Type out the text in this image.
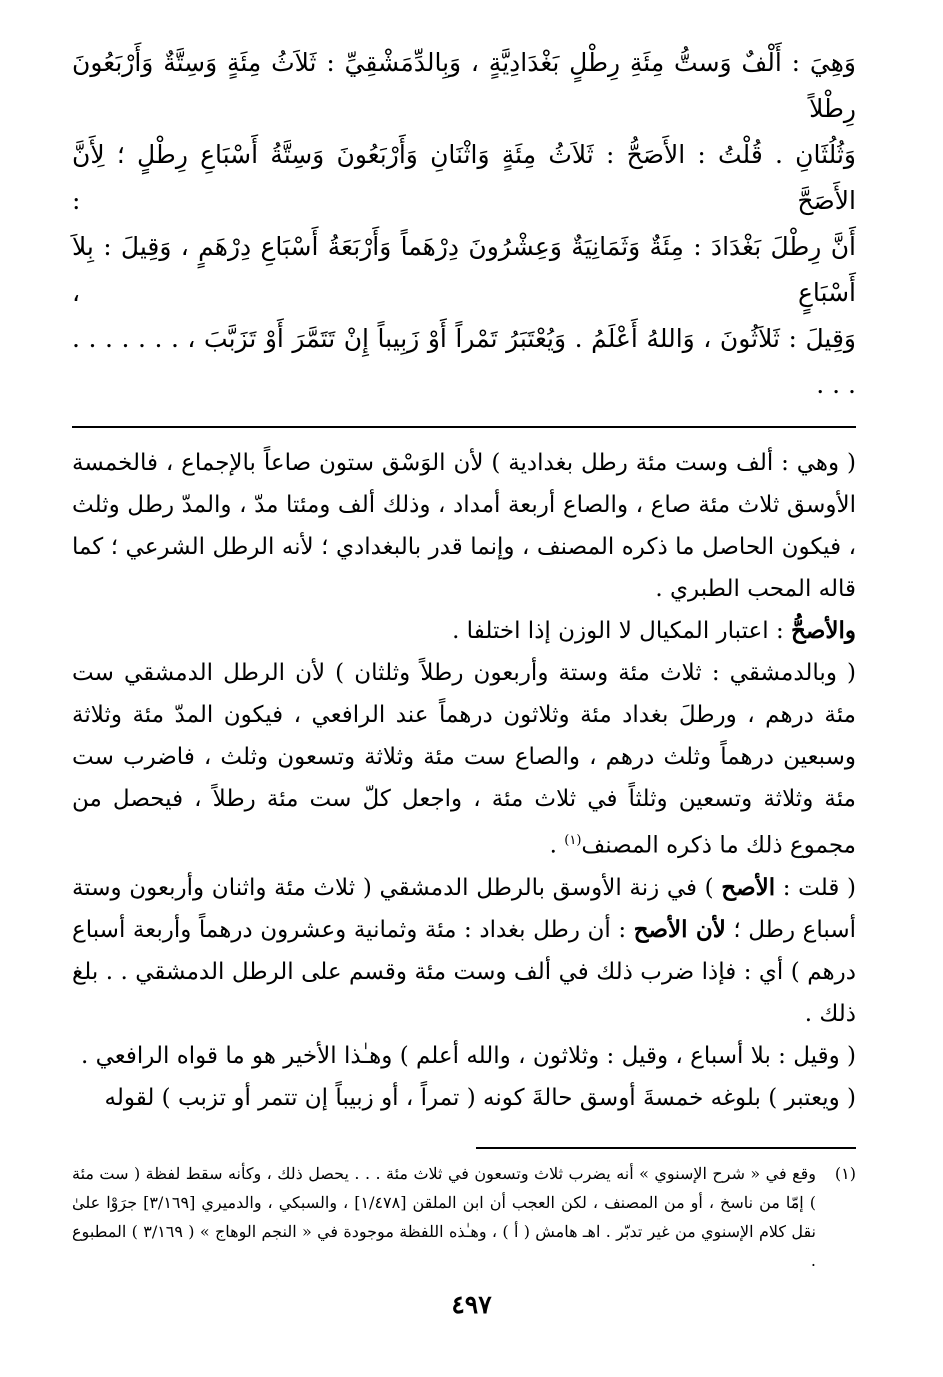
وَهِيَ : أَلْفٌ وَستُّ مِئَةِ رِطْلٍ بَغْدَادِيَّةٍ ، وَبِالدِّمَشْقِيِّ : ثَلاَثُ مِئَةٍ وَسِتَّةٌ وَأَرْبَعُونَ رِطْلاً

وَثُلُثَانِ . قُلْتُ : الأَصَحُّ : ثَلاَثُ مِئَةٍ وَاثْنَانِ وَأَرْبَعُونَ وَسِتَّةُ أَسْبَاعِ رِطْلٍ ؛ لِأَنَّ الأَصَحَّ :

أَنَّ رِطْلَ بَغْدَادَ : مِئَةٌ وَثَمَانِيَةٌ وَعِشْرُونَ دِرْهَماً وَأَرْبَعَةُ أَسْبَاعِ دِرْهَمٍ ، وَقِيلَ : بِلاَ أَسْبَاعٍ ،

وَقِيلَ : ثَلاَثُونَ ، وَاللهُ أَعْلَمُ . وَيُعْتَبَرُ تَمْراً أَوْ زَبِيباً إِنْ تَتَمَّرَ أَوْ تَزَبَّبَ ، . . . . . . . . . .

( وهي : ألف وست مئة رطل بغدادية ) لأن الوَسْق ستون صاعاً بالإجماع ، فالخمسة الأوسق ثلاث مئة صاع ، والصاع أربعة أمداد ، وذلك ألف ومئتا مدّ ، والمدّ رطل وثلث ، فيكون الحاصل ما ذكره المصنف ، وإنما قدر بالبغدادي ؛ لأنه الرطل الشرعي ؛ كما قاله المحب الطبري .

والأصحُّ : اعتبار المكيال لا الوزن إذا اختلفا .

( وبالدمشقي : ثلاث مئة وستة وأربعون رطلاً وثلثان ) لأن الرطل الدمشقي ست مئة درهم ، ورطلَ بغداد مئة وثلاثون درهماً عند الرافعي ، فيكون المدّ مئة وثلاثة وسبعين درهماً وثلث درهم ، والصاع ست مئة وثلاثة وتسعون وثلث ، فاضرب ست مئة وثلاثة وتسعين وثلثاً في ثلاث مئة ، واجعل كلّ ست مئة رطلاً ، فيحصل من مجموع ذلك ما ذكره المصنف$^{(١)}$ .

( قلت : الأصح ) في زنة الأوسق بالرطل الدمشقي ( ثلاث مئة واثنان وأربعون وستة أسباع رطل ؛ لأن الأصح : أن رطل بغداد : مئة وثمانية وعشرون درهماً وأربعة أسباع درهم ) أي : فإذا ضرب ذلك في ألف وست مئة وقسم على الرطل الدمشقي . . بلغ ذلك .

( وقيل : بلا أسباع ، وقيل : وثلاثون ، والله أعلم ) وهـٰذا الأخير هو ما قواه الرافعي .

( ويعتبر ) بلوغه خمسةَ أوسق حالةَ كونه ( تمراً ، أو زبيباً إن تتمر أو تزبب ) لقوله

(١)
وقع في « شرح الإسنوي » أنه يضرب ثلاث وتسعون في ثلاث مئة . . . يحصل ذلك ، وكأنه سقط لفظة ( ست مئة ) إمّا من ناسخ ، أو من المصنف ، لكن العجب أن ابن الملقن [١/٤٧٨] ، والسبكي ، والدميري [٣/١٦٩] جرَوْا علىٰ نقل كلام الإسنوي من غير تدبّر . اهـ هامش ( أ ) ، وهـٰذه اللفظة موجودة في « النجم الوهاج » ( ٣/١٦٩ ) المطبوع .
٤٩٧
